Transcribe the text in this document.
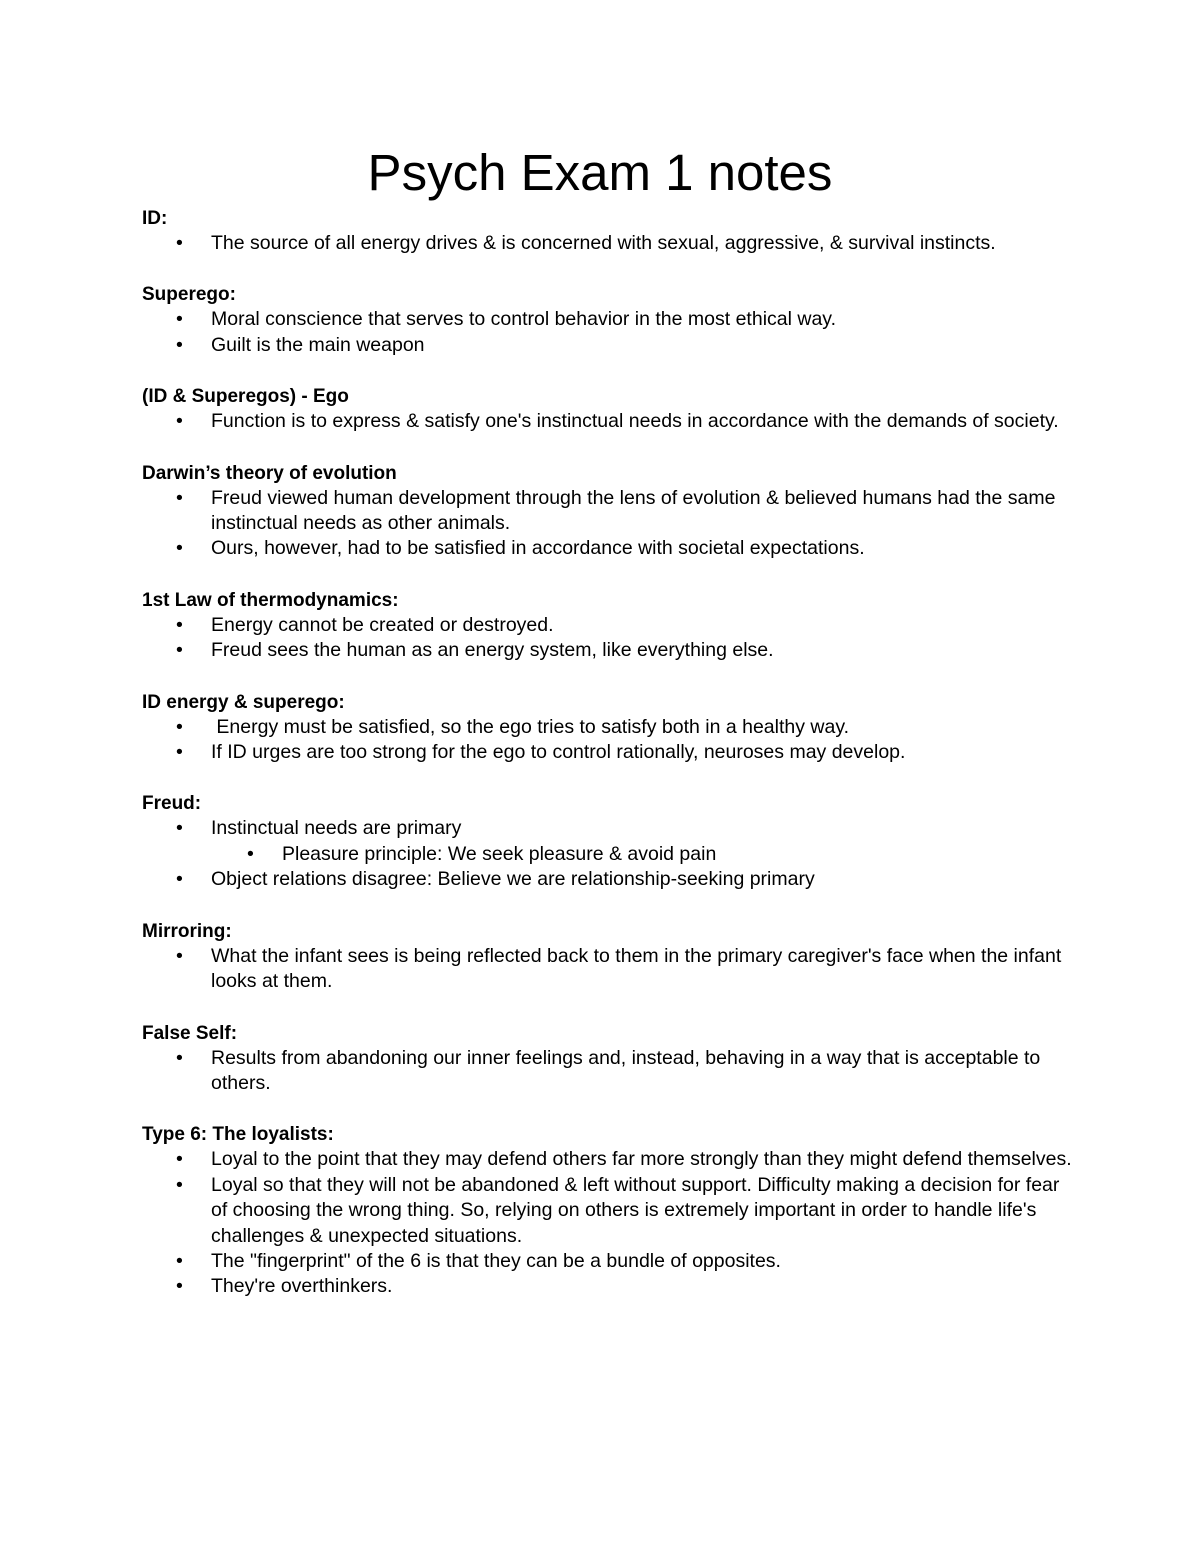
Psych Exam 1 notes

ID:

•	The source of all energy drives & is concerned with sexual, aggressive, & survival instincts.

Superego:

•	Moral conscience that serves to control behavior in the most ethical way.
•	Guilt is the main weapon

(ID & Superegos) - Ego

•	Function is to express & satisfy one's instinctual needs in accordance with the demands of society.

Darwin’s theory of evolution

•	Freud viewed human development through the lens of evolution & believed humans had the same instinctual needs as other animals.
•	Ours, however, had to be satisfied in accordance with societal expectations.

1st Law of thermodynamics:

•	Energy cannot be created or destroyed.
•	Freud sees the human as an energy system, like everything else.

ID energy & superego:

•	Energy must be satisfied, so the ego tries to satisfy both in a healthy way.
•	If ID urges are too strong for the ego to control rationally, neuroses may develop.

Freud:

•	Instinctual needs are primary
•	Pleasure principle: We seek pleasure & avoid pain
•	Object relations disagree: Believe we are relationship-seeking primary

Mirroring:

•	What the infant sees is being reflected back to them in the primary caregiver's face when the infant looks at them.

False Self:

•	Results from abandoning our inner feelings and, instead, behaving in a way that is acceptable to others.

Type 6: The loyalists:

•	Loyal to the point that they may defend others far more strongly than they might defend themselves.
•	Loyal so that they will not be abandoned & left without support. Difficulty making a decision for fear of choosing the wrong thing. So, relying on others is extremely important in order to handle life's challenges & unexpected situations.
•	The "fingerprint" of the 6 is that they can be a bundle of opposites.
•	They're overthinkers.
